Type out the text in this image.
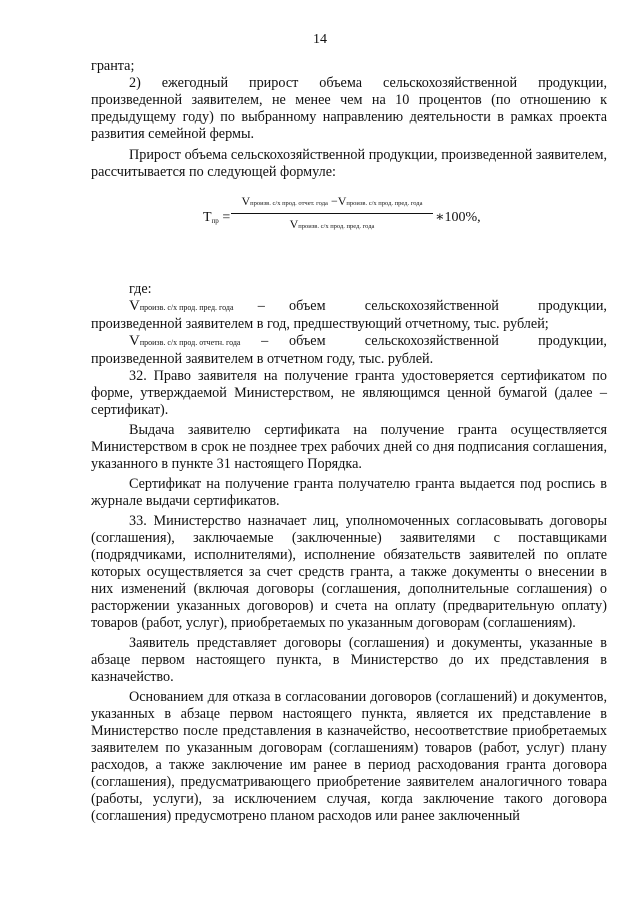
14

гранта;

2) ежегодный прирост объема сельскохозяйственной продукции, произведенной заявителем, не менее чем на 10 процентов (по отношению к предыдущему году) по выбранному направлению деятельности в рамках проекта развития семейной фермы.

Прирост объема сельскохозяйственной продукции, произведенной заявителем, рассчитывается по следующей формуле:

Tпр =
Vпроизв. с/х прод. отчет. года −Vпроизв. с/х прод. пред. года
Vпроизв. с/х прод. пред. года
∗100%,

где:

Vпроизв. с/х прод. пред. года – объем сельскохозяйственной продукции,

произведенной заявителем в год, предшествующий отчетному, тыс. рублей;

Vпроизв. с/х прод. отчетн. года – объем сельскохозяйственной продукции,

произведенной заявителем в отчетном году, тыс. рублей.

32. Право заявителя на получение гранта удостоверяется сертификатом по форме, утверждаемой Министерством, не являющимся ценной бумагой (далее – сертификат).

Выдача заявителю сертификата на получение гранта осуществляется Министерством в срок не позднее трех рабочих дней со дня подписания соглашения, указанного в пункте 31 настоящего Порядка.

Сертификат на получение гранта получателю гранта выдается под роспись в журнале выдачи сертификатов.

33. Министерство назначает лиц, уполномоченных согласовывать договоры (соглашения), заключаемые (заключенные) заявителями с поставщиками (подрядчиками, исполнителями), исполнение обязательств заявителей по оплате которых осуществляется за счет средств гранта, а также документы о внесении в них изменений (включая договоры (соглашения, дополнительные соглашения) о расторжении указанных договоров) и счета на оплату (предварительную оплату) товаров (работ, услуг), приобретаемых по указанным договорам (соглашениям).

Заявитель представляет договоры (соглашения) и документы, указанные в абзаце первом настоящего пункта, в Министерство до их представления в казначейство.

Основанием для отказа в согласовании договоров (соглашений) и документов, указанных в абзаце первом настоящего пункта, является их представление в Министерство после представления в казначейство, несоответствие приобретаемых заявителем по указанным договорам (соглашениям) товаров (работ, услуг) плану расходов, а также заключение им ранее в период расходования гранта договора (соглашения), предусматривающего приобретение заявителем аналогичного товара (работы, услуги), за исключением случая, когда заключение такого договора (соглашения) предусмотрено планом расходов или ранее заключенный
